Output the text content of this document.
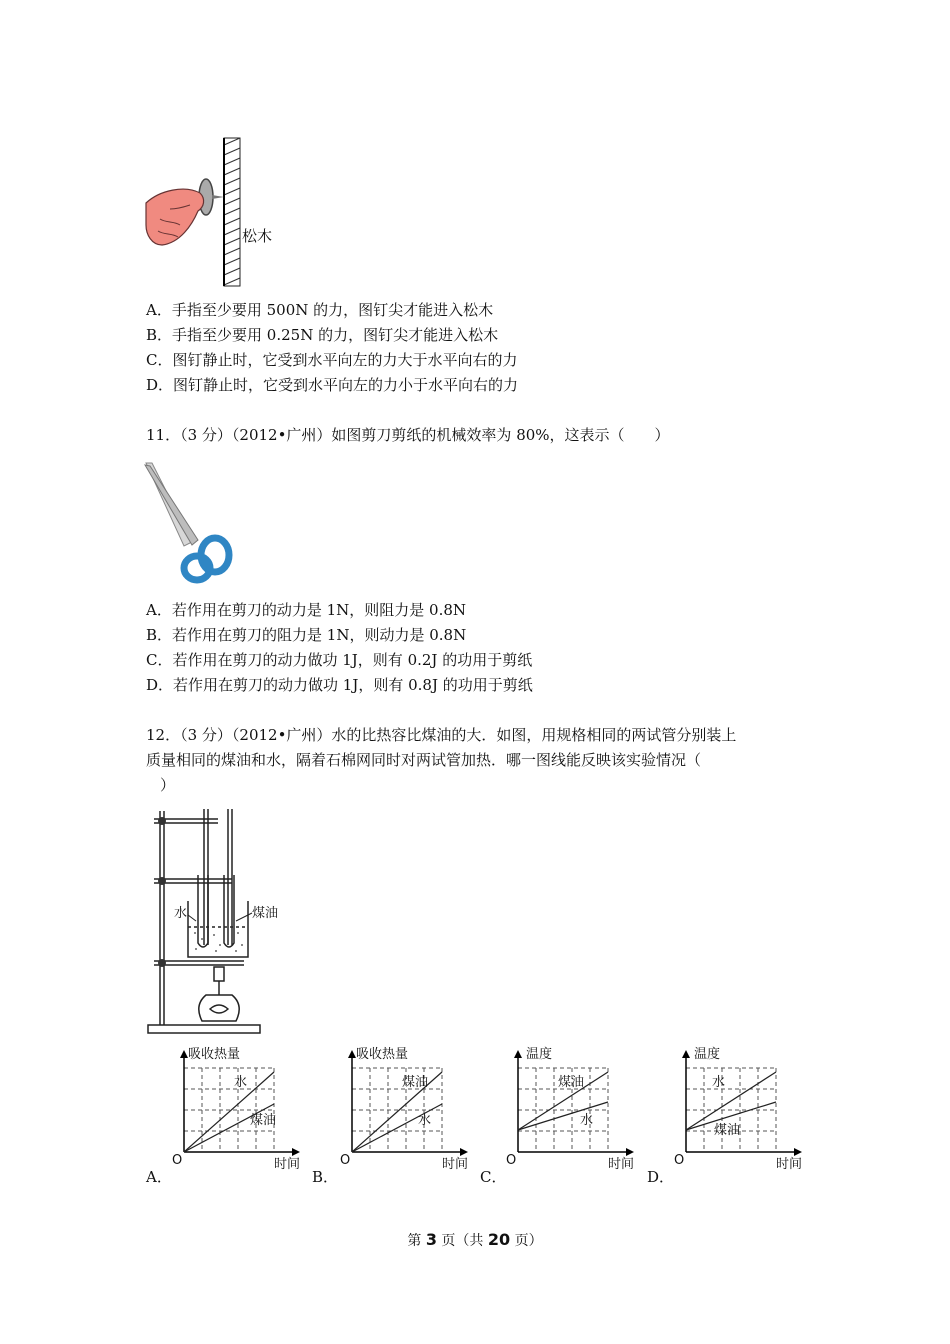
松木
A．手指至少要用 500N 的力，图钉尖才能进入松木
B．手指至少要用 0.25N 的力，图钉尖才能进入松木
C．图钉静止时，它受到水平向左的力大于水平向右的力
D．图钉静止时，它受到水平向左的力小于水平向右的力
11．（3 分）（2012•广州）如图剪刀剪纸的机械效率为 80%，这表示（　　）
A．若作用在剪刀的动力是 1N，则阻力是 0.8N
B．若作用在剪刀的阻力是 1N，则动力是 0.8N
C．若作用在剪刀的动力做功 1J，则有 0.2J 的功用于剪纸
D．若作用在剪刀的动力做功 1J，则有 0.8J 的功用于剪纸
12．（3 分）（2012•广州）水的比热容比煤油的大．如图，用规格相同的两试管分别装上
质量相同的煤油和水，隔着石棉网同时对两试管加热．哪一图线能反映该实验情况（
）
水	煤油
A．	B．	C．	D．
吸收热量
时间
O
水
煤油
吸收热量
时间
O
煤油
水
温度
时间
O
煤油
水
温度
时间
O
水
煤油
第 3 页（共 20 页）
